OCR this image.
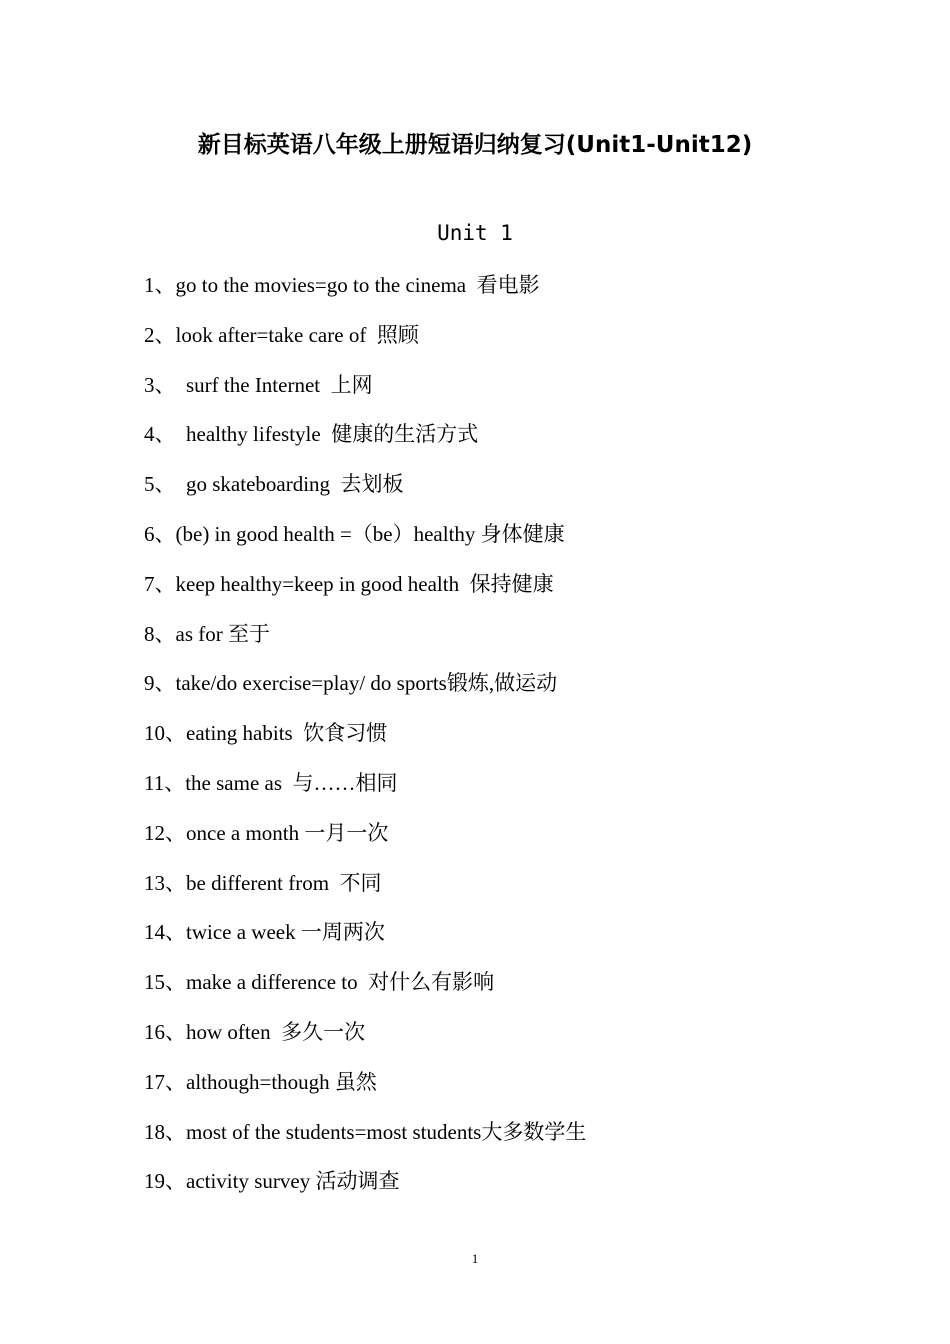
新目标英语八年级上册短语归纳复习(Unit1-Unit12)
Unit 1
1、go to the movies=go to the cinema  看电影
2、look after=take care of  照顾
3、  surf the Internet  上网
4、  healthy lifestyle  健康的生活方式
5、  go skateboarding  去划板
6、(be) in good health =（be）healthy 身体健康
7、keep healthy=keep in good health  保持健康
8、as for 至于
9、take/do exercise=play/ do sports锻炼,做运动
10、eating habits  饮食习惯
11、the same as  与……相同
12、once a month 一月一次
13、be different from  不同
14、twice a week 一周两次
15、make a difference to  对什么有影响
16、how often  多久一次
17、although=though 虽然
18、most of the students=most students大多数学生
19、activity survey 活动调查
1
